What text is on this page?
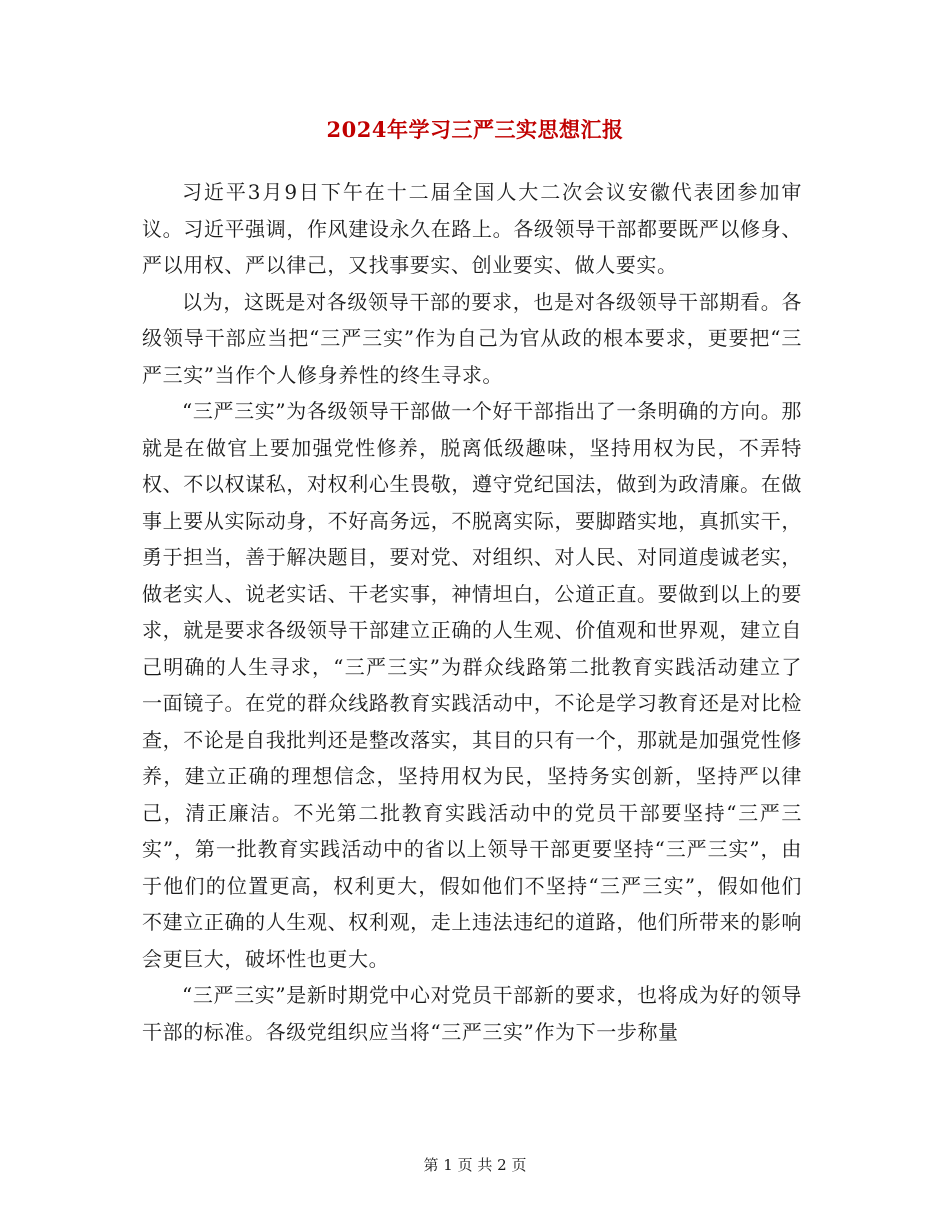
2024年学习三严三实思想汇报

习近平3月9日下午在十二届全国人大二次会议安徽代表团参加审议。习近平强调，作风建设永久在路上。各级领导干部都要既严以修身、严以用权、严以律己，又找事要实、创业要实、做人要实。

以为，这既是对各级领导干部的要求，也是对各级领导干部期看。各级领导干部应当把“三严三实”作为自己为官从政的根本要求，更要把“三严三实”当作个人修身养性的终生寻求。

“三严三实”为各级领导干部做一个好干部指出了一条明确的方向。那就是在做官上要加强党性修养，脱离低级趣味，坚持用权为民，不弄特权、不以权谋私，对权利心生畏敬，遵守党纪国法，做到为政清廉。在做事上要从实际动身，不好高务远，不脱离实际，要脚踏实地，真抓实干，勇于担当，善于解决题目，要对党、对组织、对人民、对同道虔诚老实，做老实人、说老实话、干老实事，神情坦白，公道正直。要做到以上的要求，就是要求各级领导干部建立正确的人生观、价值观和世界观，建立自己明确的人生寻求，“三严三实”为群众线路第二批教育实践活动建立了一面镜子。在党的群众线路教育实践活动中，不论是学习教育还是对比检查，不论是自我批判还是整改落实，其目的只有一个，那就是加强党性修养，建立正确的理想信念，坚持用权为民，坚持务实创新，坚持严以律己，清正廉洁。不光第二批教育实践活动中的党员干部要坚持“三严三实”，第一批教育实践活动中的省以上领导干部更要坚持“三严三实”，由于他们的位置更高，权利更大，假如他们不坚持“三严三实”，假如他们不建立正确的人生观、权利观，走上违法违纪的道路，他们所带来的影响会更巨大，破坏性也更大。

“三严三实”是新时期党中心对党员干部新的要求，也将成为好的领导干部的标准。各级党组织应当将“三严三实”作为下一步称量

第 1 页 共 2 页
